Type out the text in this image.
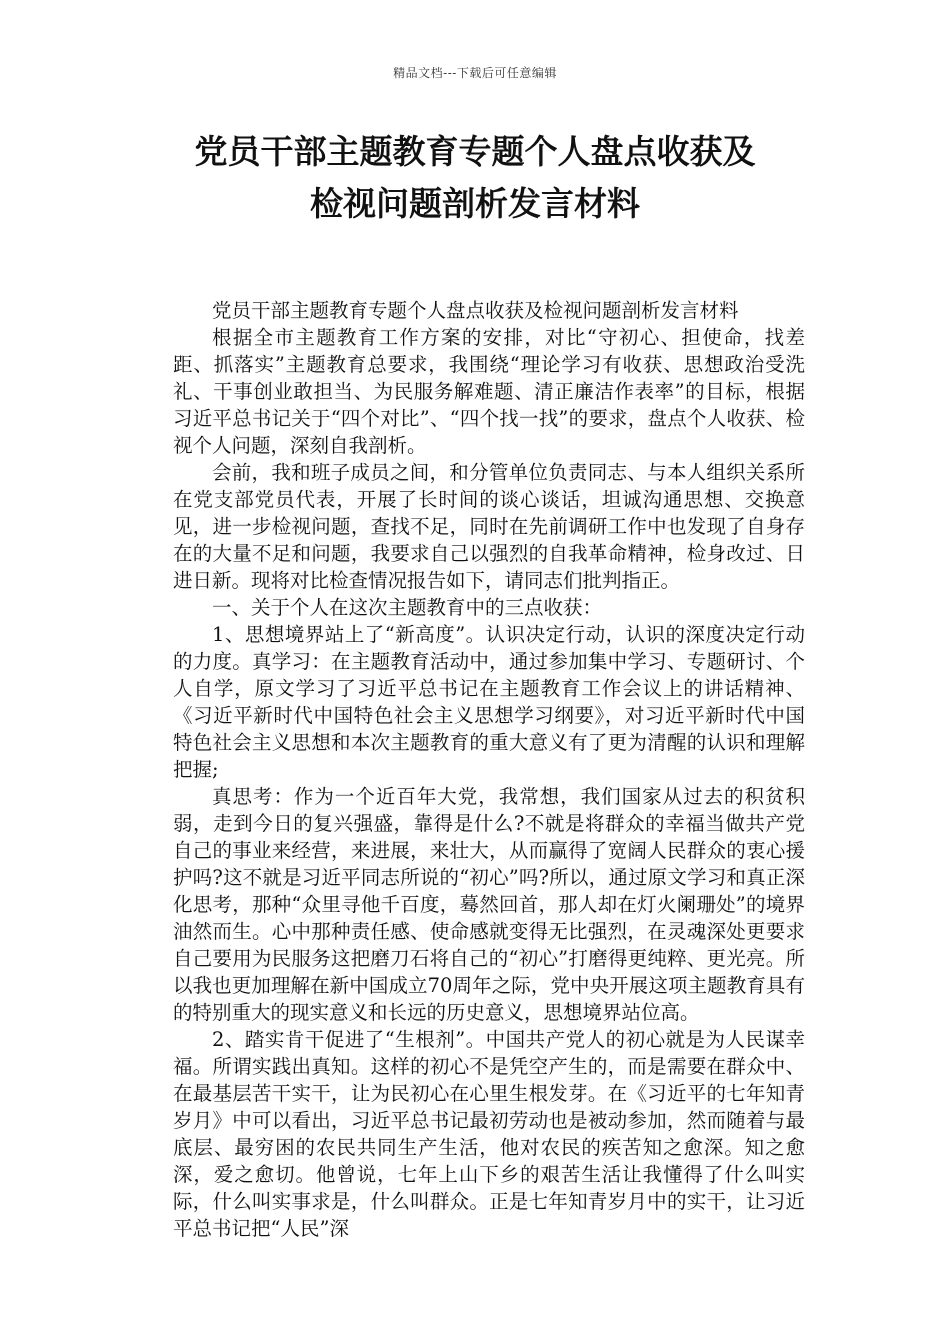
精品文档---下载后可任意编辑
党员干部主题教育专题个人盘点收获及
检视问题剖析发言材料

党员干部主题教育专题个人盘点收获及检视问题剖析发言材料

根据全市主题教育工作方案的安排，对比“守初心、担使命，找差距、抓落实”主题教育总要求，我围绕“理论学习有收获、思想政治受洗礼、干事创业敢担当、为民服务解难题、清正廉洁作表率”的目标，根据习近平总书记关于“四个对比”、“四个找一找”的要求，盘点个人收获、检视个人问题，深刻自我剖析。

会前，我和班子成员之间，和分管单位负责同志、与本人组织关系所在党支部党员代表，开展了长时间的谈心谈话，坦诚沟通思想、交换意见，进一步检视问题，查找不足，同时在先前调研工作中也发现了自身存在的大量不足和问题，我要求自己以强烈的自我革命精神，检身改过、日进日新。现将对比检查情况报告如下，请同志们批判指正。

一、关于个人在这次主题教育中的三点收获：

1、思想境界站上了“新高度”。认识决定行动，认识的深度决定行动的力度。真学习：在主题教育活动中，通过参加集中学习、专题研讨、个人自学，原文学习了习近平总书记在主题教育工作会议上的讲话精神、《习近平新时代中国特色社会主义思想学习纲要》，对习近平新时代中国特色社会主义思想和本次主题教育的重大意义有了更为清醒的认识和理解把握;

真思考：作为一个近百年大党，我常想，我们国家从过去的积贫积弱，走到今日的复兴强盛，靠得是什么?不就是将群众的幸福当做共产党自己的事业来经营，来进展，来壮大，从而赢得了宽阔人民群众的衷心援护吗?这不就是习近平同志所说的“初心”吗?所以，通过原文学习和真正深化思考，那种“众里寻他千百度，蓦然回首，那人却在灯火阑珊处”的境界油然而生。心中那种责任感、使命感就变得无比强烈，在灵魂深处更要求自己要用为民服务这把磨刀石将自己的“初心”打磨得更纯粹、更光亮。所以我也更加理解在新中国成立70周年之际，党中央开展这项主题教育具有的特别重大的现实意义和长远的历史意义，思想境界站位高。

2、踏实肯干促进了“生根剂”。中国共产党人的初心就是为人民谋幸福。所谓实践出真知。这样的初心不是凭空产生的，而是需要在群众中、在最基层苦干实干，让为民初心在心里生根发芽。在《习近平的七年知青岁月》中可以看出，习近平总书记最初劳动也是被动参加，然而随着与最底层、最穷困的农民共同生产生活，他对农民的疾苦知之愈深。知之愈深，爱之愈切。他曾说，七年上山下乡的艰苦生活让我懂得了什么叫实际，什么叫实事求是，什么叫群众。正是七年知青岁月中的实干，让习近平总书记把“人民”深
